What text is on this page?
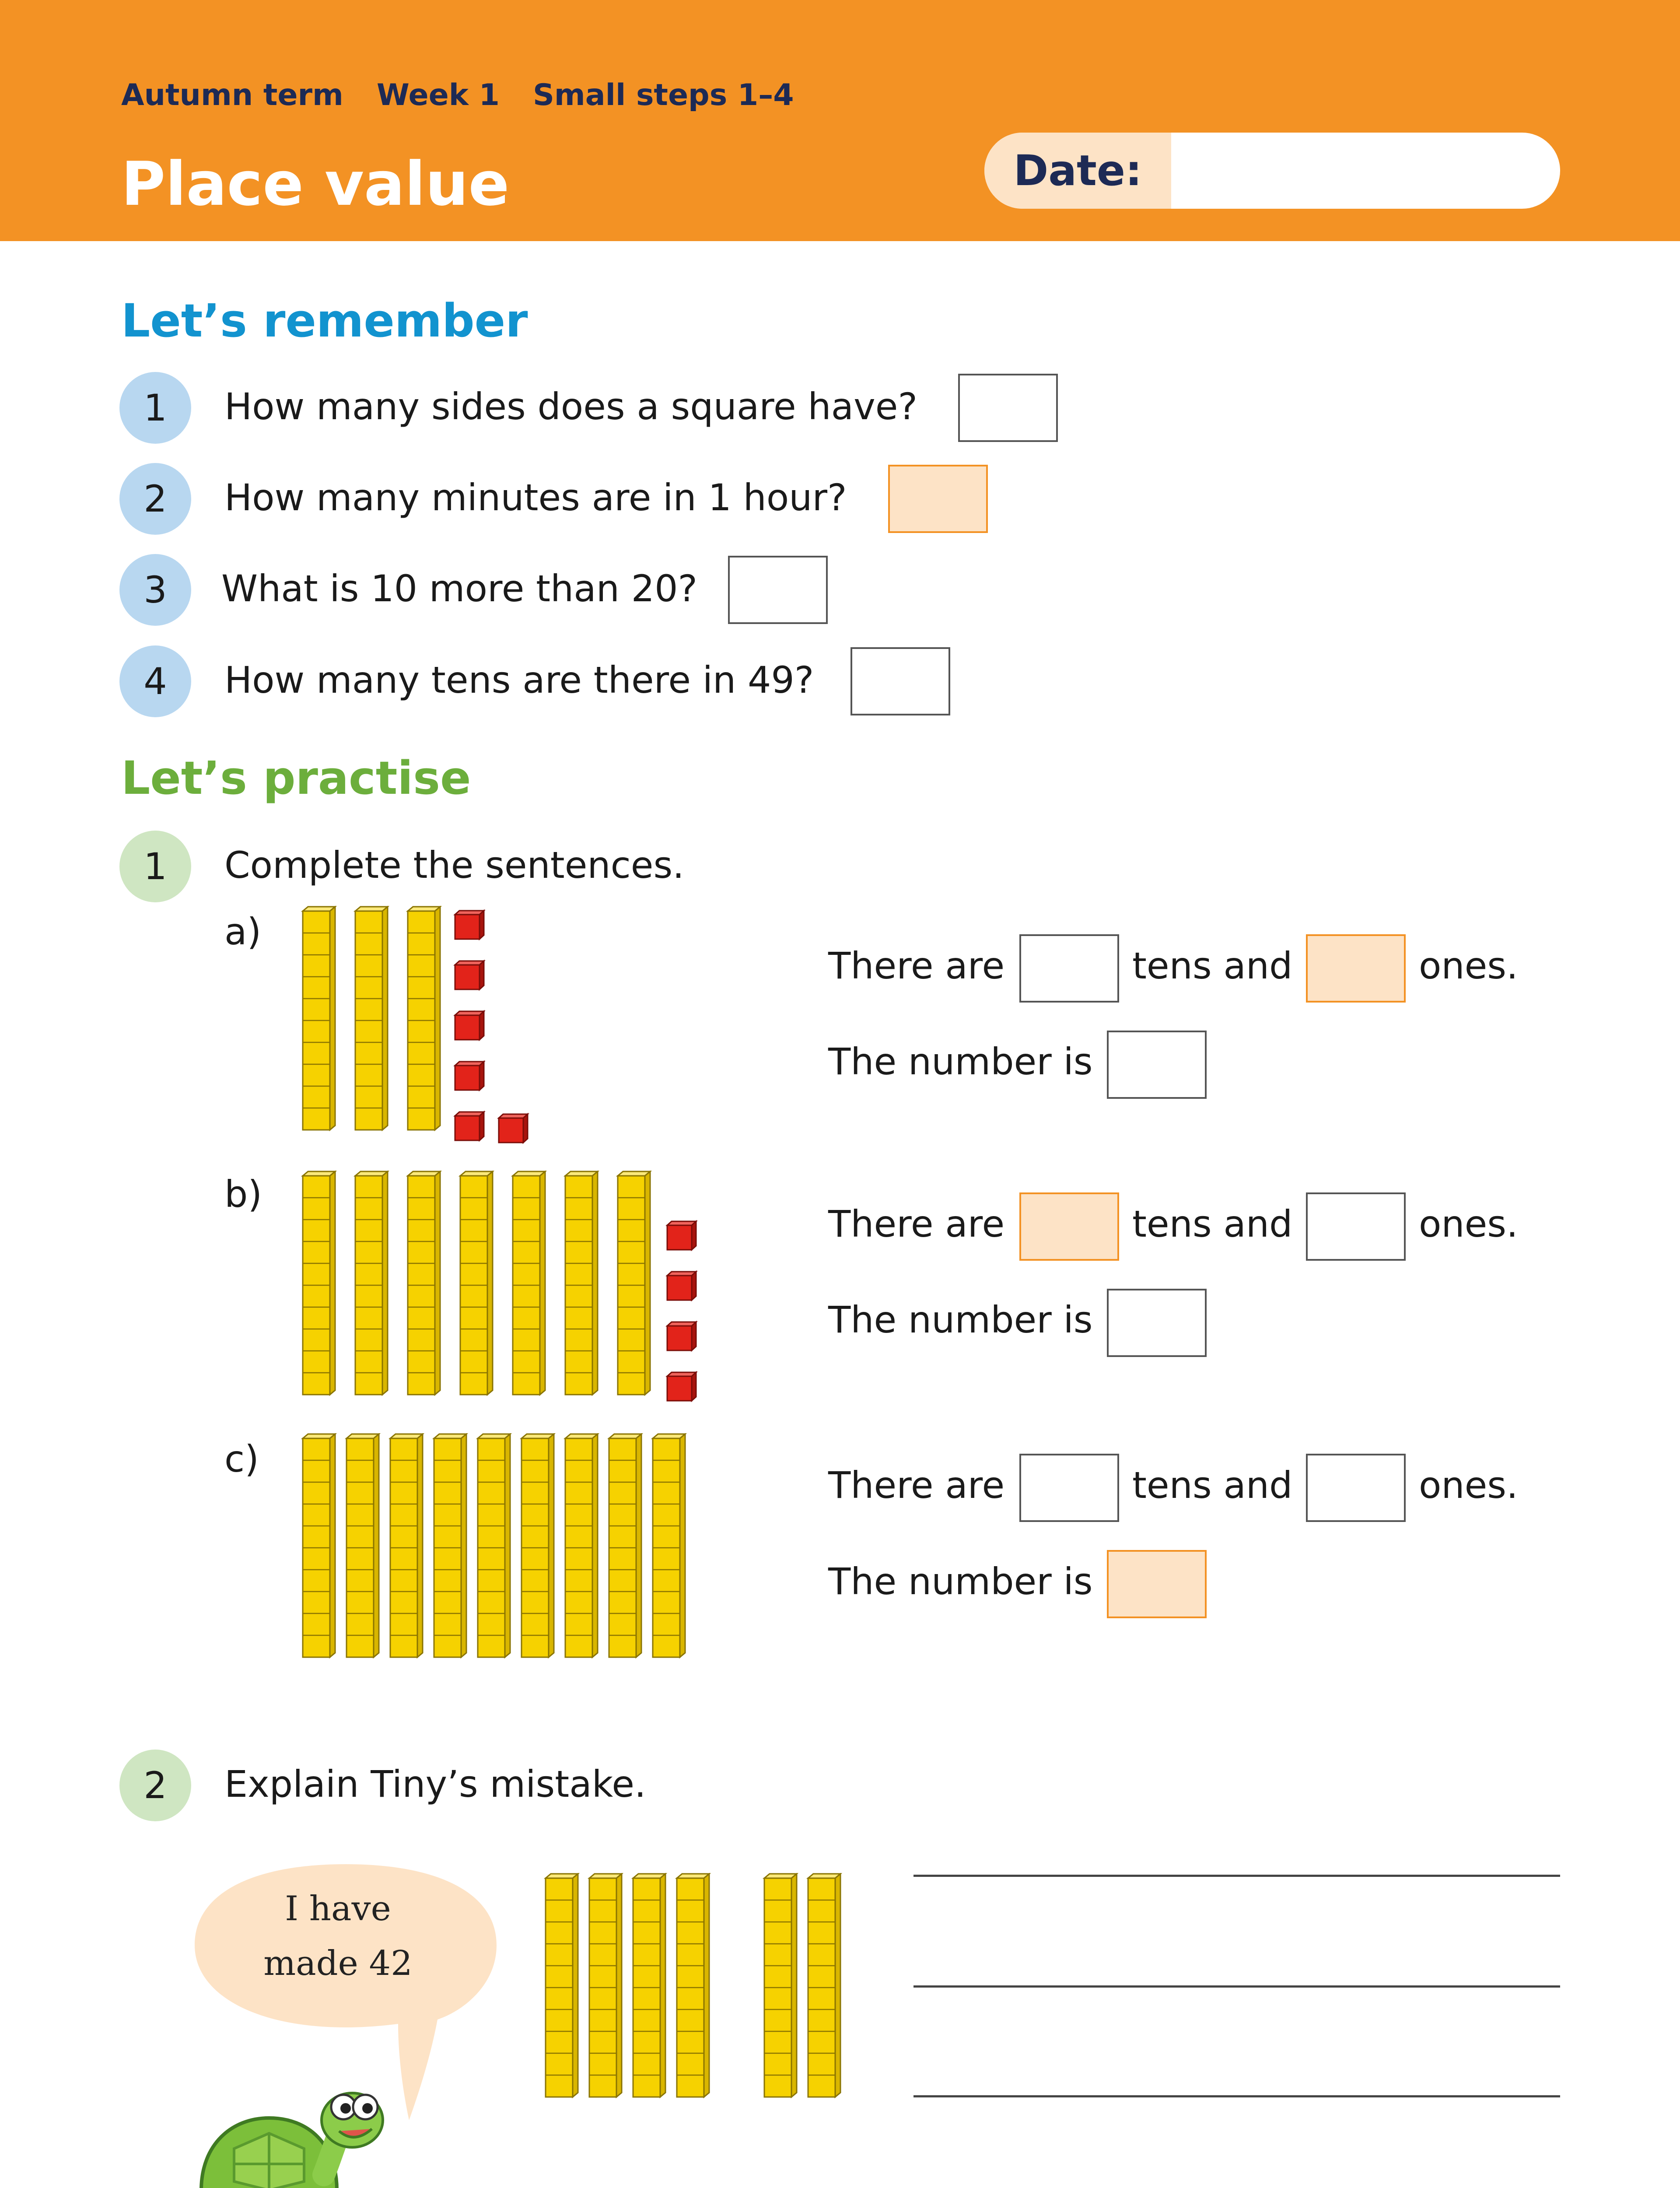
Autumn term Week 1 Small steps 1–4
Place value	Date:
Let’s remember
1	How many sides does a square have?
2	How many minutes are in 1 hour?
3	What is 10 more than 20?
4	How many tens are there in 49?
Let’s practise
1	Complete the sentences.
a)
There are	tens and	ones.
The number is
b)
There are	tens and	ones.
The number is
c)
There are	tens and	ones.
The number is
2	Explain Tiny’s mistake.
I have
made 42
